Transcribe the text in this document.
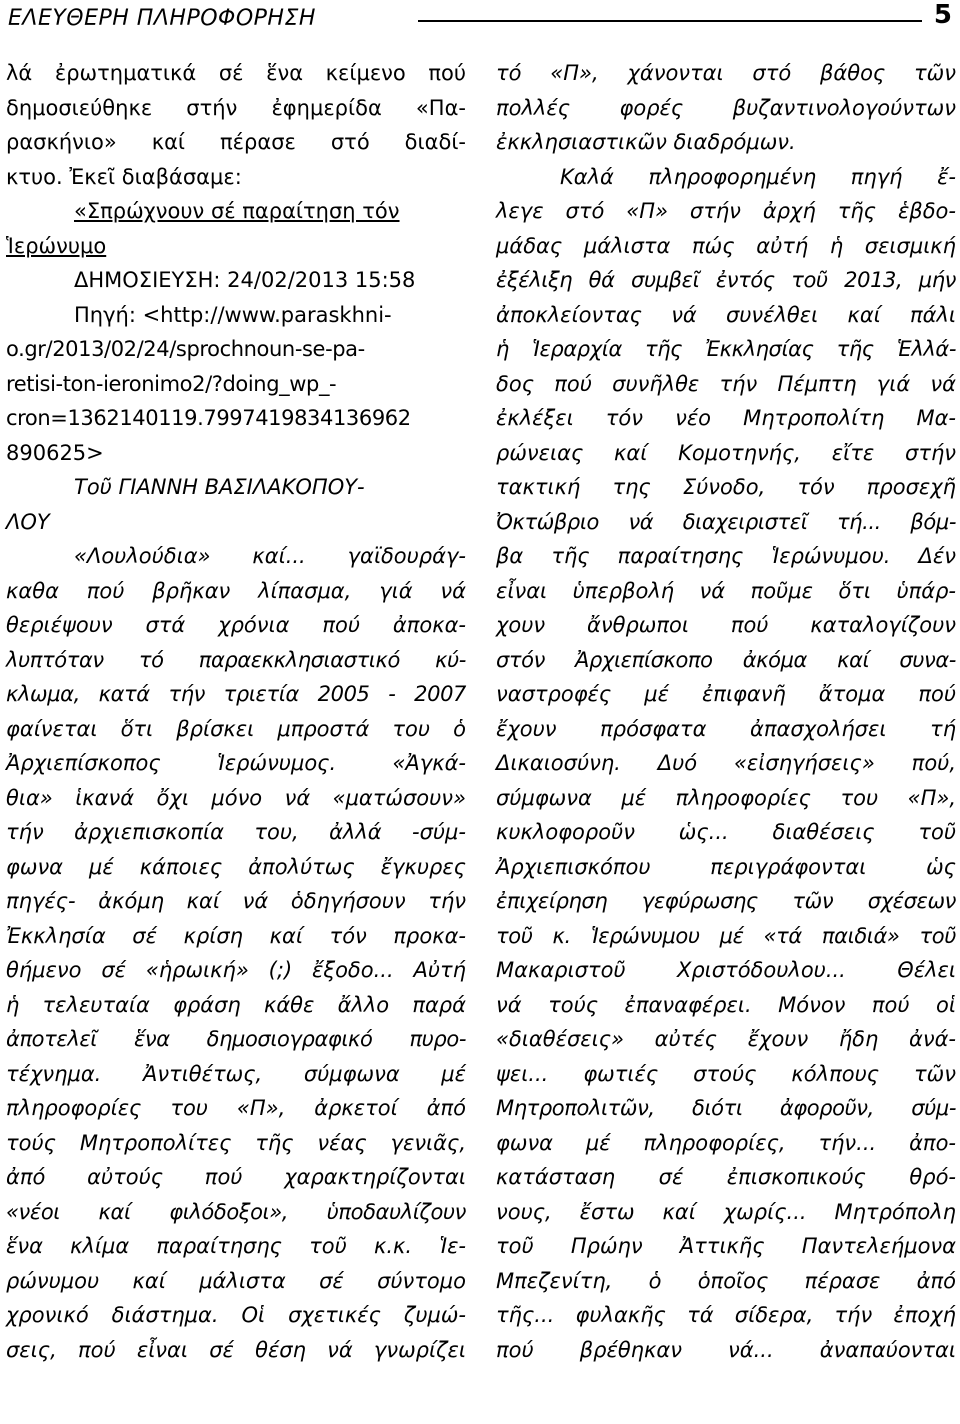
ΕΛΕΥΘΕΡΗ ΠΛΗΡΟΦΟΡΗΣΗ	5
λά ἐρωτηματικά σέ ἕνα κείμενο πού
δημοσιεύθηκε στήν ἐφημερίδα «Πα-
ρασκήνιο» καί πέρασε στό διαδί-
κτυο. Ἐκεῖ διαβάσαμε:
«Σπρώχνουν σέ παραίτηση τόν
Ἱερώνυμο
ΔΗΜΟΣΙΕΥΣΗ: 24/02/2013 15:58
Πηγή: <http://www.paraskhni-
o.gr/2013/02/24/sprochnoun-se-pa-
retisi-ton-ieronimo2/?doing_wp_-
cron=1362140119.7997419834136962
890625>
Τοῦ ΓΙΑΝΝΗ ΒΑΣΙΛΑΚΟΠΟΥ-
ΛΟΥ
«Λουλούδια» καί... γαϊδουράγ-
καθα πού βρῆκαν λίπασμα, γιά νά
θεριέψουν στά χρόνια πού ἀποκα-
λυπτόταν τό παραεκκλησιαστικό κύ-
κλωμα, κατά τήν τριετία 2005 - 2007
φαίνεται ὅτι βρίσκει μπροστά του ὁ
Ἀρχιεπίσκοπος Ἱερώνυμος. «Ἀγκά-
θια» ἱκανά ὄχι μόνο νά «ματώσουν»
τήν ἀρχιεπισκοπία του, ἀλλά -σύμ-
φωνα μέ κάποιες ἀπολύτως ἔγκυρες
πηγές- ἀκόμη καί νά ὁδηγήσουν τήν
Ἐκκλησία σέ κρίση καί τόν προκα-
θήμενο σέ «ἡρωική» (;) ἔξοδο... Αὐτή
ἡ τελευταία φράση κάθε ἄλλο παρά
ἀποτελεῖ ἕνα δημοσιογραφικό πυρο-
τέχνημα. Ἀντιθέτως, σύμφωνα μέ
πληροφορίες του «Π», ἀρκετοί ἀπό
τούς Μητροπολίτες τῆς νέας γενιᾶς,
ἀπό αὐτούς πού χαρακτηρίζονται
«νέοι καί φιλόδοξοι», ὑποδαυλίζουν
ἕνα κλίμα παραίτησης τοῦ κ.κ. Ἱε-
ρώνυμου καί μάλιστα σέ σύντομο
χρονικό διάστημα. Οἱ σχετικές ζυμώ-
σεις, πού εἶναι σέ θέση νά γνωρίζει
τό «Π», χάνονται στό βάθος τῶν
πολλές φορές βυζαντινολογούντων
ἐκκλησιαστικῶν διαδρόμων.
Καλά πληροφορημένη πηγή ἔ-
λεγε στό «Π» στήν ἀρχή τῆς ἑβδο-
μάδας μάλιστα πώς αὐτή ἡ σεισμική
ἐξέλιξη θά συμβεῖ ἐντός τοῦ 2013, μήν
ἀποκλείοντας νά συνέλθει καί πάλι
ἡ Ἱεραρχία τῆς Ἐκκλησίας τῆς Ἑλλά-
δος πού συνῆλθε τήν Πέμπτη γιά νά
ἐκλέξει τόν νέο Μητροπολίτη Μα-
ρώνειας καί Κομοτηνής, εἴτε στήν
τακτική της Σύνοδο, τόν προσεχῆ
Ὀκτώβριο νά διαχειριστεῖ τή... βόμ-
βα τῆς παραίτησης Ἱερώνυμου. Δέν
εἶναι ὑπερβολή νά ποῦμε ὅτι ὑπάρ-
χουν ἄνθρωποι πού καταλογίζουν
στόν Ἀρχιεπίσκοπο ἀκόμα καί συνα-
ναστροφές μέ ἐπιφανῆ ἄτομα πού
ἔχουν πρόσφατα ἀπασχολήσει τή
Δικαιοσύνη. Δυό «εἰσηγήσεις» πού,
σύμφωνα μέ πληροφορίες του «Π»,
κυκλοφοροῦν ὡς... διαθέσεις τοῦ
Ἀρχιεπισκόπου περιγράφονται ὡς
ἐπιχείρηση γεφύρωσης τῶν σχέσεων
τοῦ κ. Ἱερώνυμου μέ «τά παιδιά» τοῦ
Μακαριστοῦ Χριστόδουλου... Θέλει
νά τούς ἐπαναφέρει. Μόνον πού οἱ
«διαθέσεις» αὐτές ἔχουν ἤδη ἀνά-
ψει... φωτιές στούς κόλπους τῶν
Μητροπολιτῶν, διότι ἀφοροῦν, σύμ-
φωνα μέ πληροφορίες, τήν... ἀπο-
κατάσταση σέ ἐπισκοπικούς θρό-
νους, ἔστω καί χωρίς... Μητρόπολη
τοῦ Πρώην Ἀττικῆς Παντελεήμονα
Μπεζενίτη, ὁ ὁποῖος πέρασε ἀπό
τῆς... φυλακῆς τά σίδερα, τήν ἐποχή
πού βρέθηκαν νά... ἀναπαύονται
